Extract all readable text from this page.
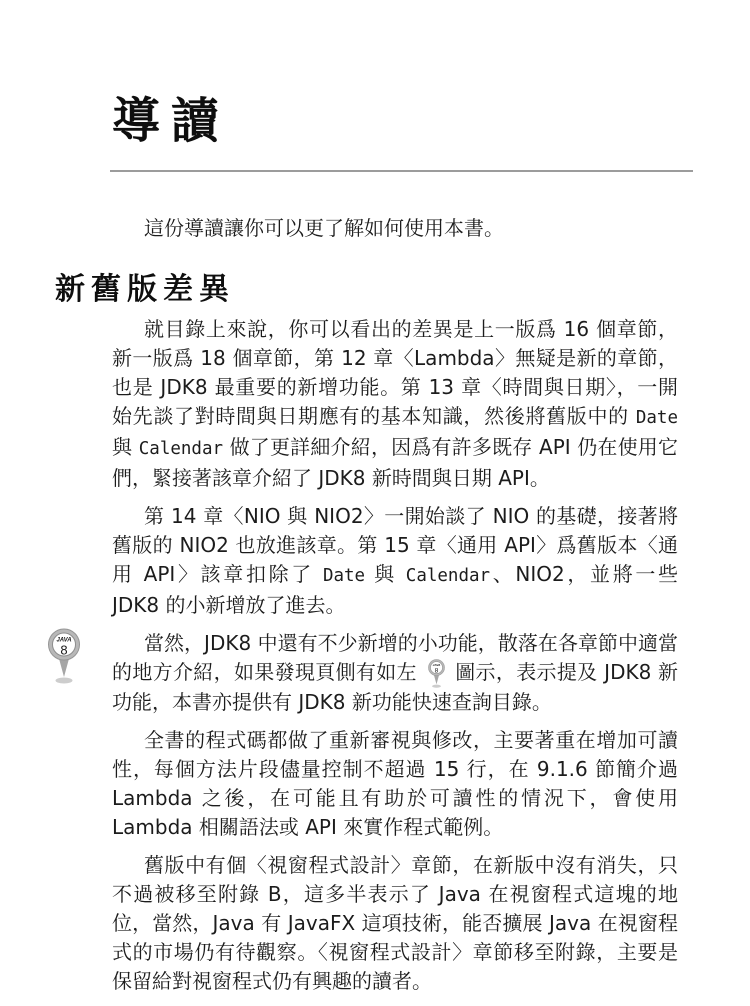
導讀

這份導讀讓你可以更了解如何使用本書。

新舊版差異

就目錄上來說，你可以看出的差異是上一版爲 16 個章節，新一版爲 18 個章節，第 12 章〈Lambda〉無疑是新的章節，也是 JDK8 最重要的新增功能。第 13 章〈時間與日期〉，一開始先談了對時間與日期應有的基本知識，然後將舊版中的 Date 與 Calendar 做了更詳細介紹，因爲有許多既存 API 仍在使用它們，緊接著該章介紹了 JDK8 新時間與日期 API。

第 14 章〈NIO 與 NIO2〉一開始談了 NIO 的基礎，接著將舊版的 NIO2 也放進該章。第 15 章〈通用 API〉爲舊版本〈通用 API〉該章扣除了 Date 與 Calendar、NIO2，並將一些 JDK8 的小新增放了進去。

當然，JDK8 中還有不少新增的小功能，散落在各章節中適當的地方介紹，如果發現頁側有如左 JAVA
8 圖示，表示提及 JDK8 新功能，本書亦提供有 JDK8 新功能快速查詢目錄。
JAVA
8

全書的程式碼都做了重新審視與修改，主要著重在增加可讀性，每個方法片段儘量控制不超過 15 行，在 9.1.6 節簡介過 Lambda 之後，在可能且有助於可讀性的情況下，會使用 Lambda 相關語法或 API 來實作程式範例。

舊版中有個〈視窗程式設計〉章節，在新版中沒有消失，只不過被移至附錄 B，這多半表示了 Java 在視窗程式這塊的地位，當然，Java 有 JavaFX 這項技術，能否擴展 Java 在視窗程式的市場仍有待觀察。〈視窗程式設計〉章節移至附錄，主要是保留給對視窗程式仍有興趣的讀者。
